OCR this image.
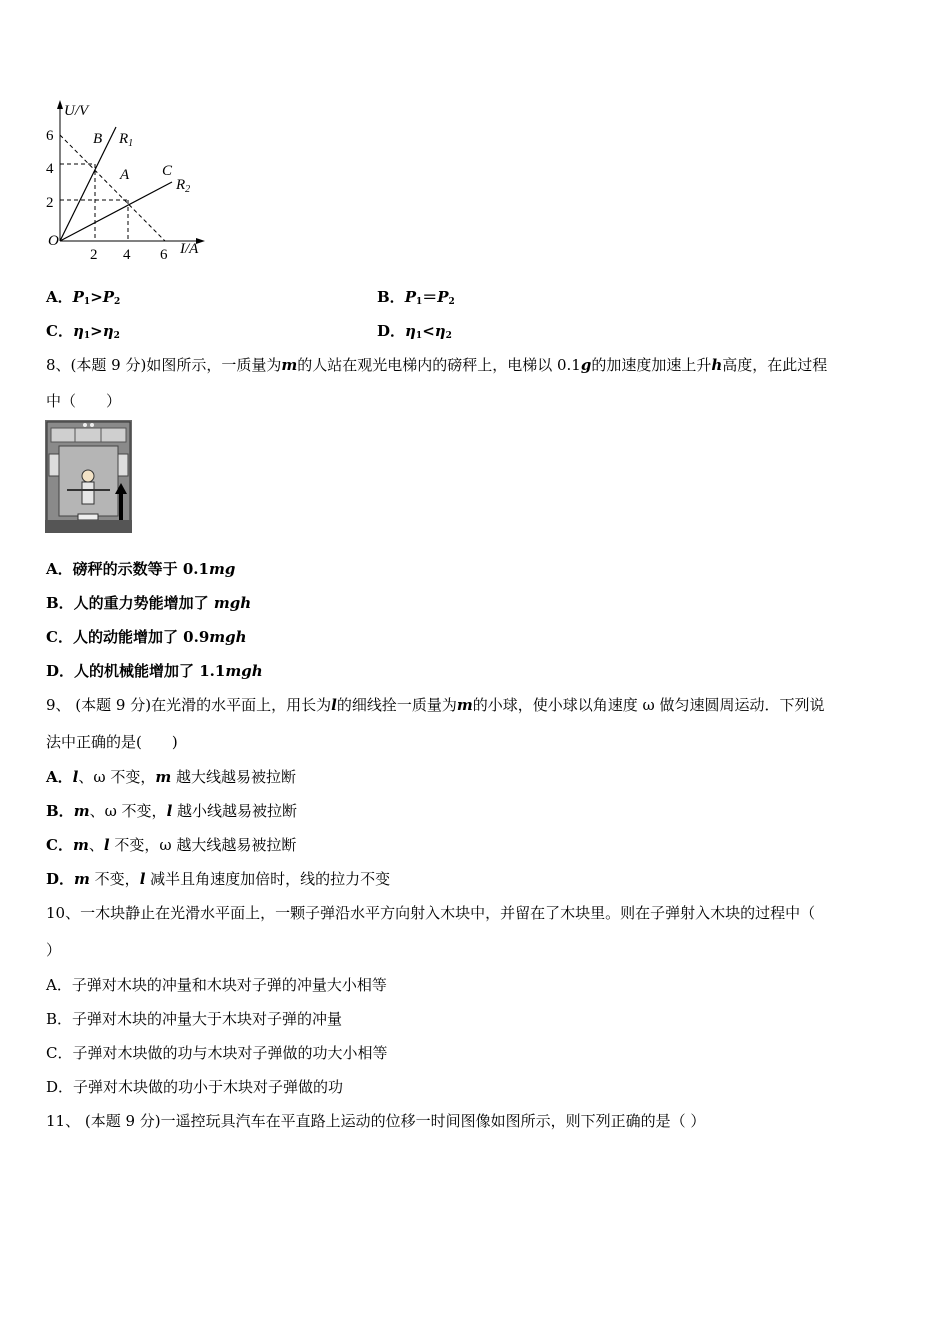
U/V
I/A
O
6
4
2
2 4 6
B $R_1$
A C
$R_2$
A．$P_1>P_2$	B．$P_1=P_2$
C．$\eta_1>\eta_2$	D．$\eta_1<\eta_2$
8、(本题 9 分)如图所示，一质量为m的人站在观光电梯内的磅秤上，电梯以 0.1g的加速度加速上升h高度，在此过程
中（　　）
A．磅秤的示数等于 0.1mg
B．人的重力势能增加了 mgh
C．人的动能增加了 0.9mgh
D．人的机械能增加了 1.1mgh
9、 (本题 9 分)在光滑的水平面上，用长为l的细线拴一质量为m的小球，使小球以角速度 ω 做匀速圆周运动．下列说
法中正确的是(　　)
A．l、ω 不变，m 越大线越易被拉断
B．m、ω 不变，l 越小线越易被拉断
C．m、l 不变，ω 越大线越易被拉断
D．m 不变，l 减半且角速度加倍时，线的拉力不变
10、一木块静止在光滑水平面上，一颗子弹沿水平方向射入木块中，并留在了木块里。则在子弹射入木块的过程中（
）
A．子弹对木块的冲量和木块对子弹的冲量大小相等
B．子弹对木块的冲量大于木块对子弹的冲量
C．子弹对木块做的功与木块对子弹做的功大小相等
D．子弹对木块做的功小于木块对子弹做的功
11、 (本题 9 分)一遥控玩具汽车在平直路上运动的位移一时间图像如图所示，则下列正确的是（ ）
